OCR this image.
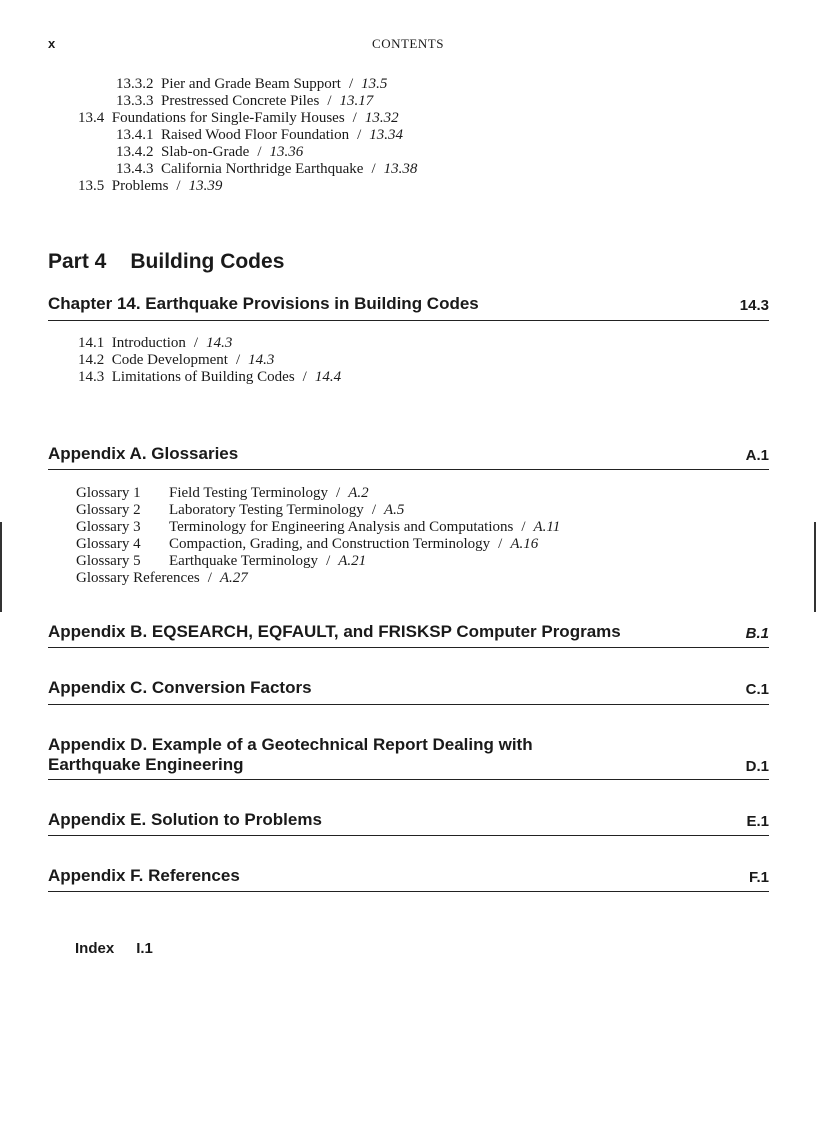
x	CONTENTS
13.3.2 Pier and Grade Beam Support / 13.5
13.3.3 Prestressed Concrete Piles / 13.17
13.4 Foundations for Single-Family Houses / 13.32
13.4.1 Raised Wood Floor Foundation / 13.34
13.4.2 Slab-on-Grade / 13.36
13.4.3 California Northridge Earthquake / 13.38
13.5 Problems / 13.39
Part 4 Building Codes
Chapter 14. Earthquake Provisions in Building Codes	14.3
14.1 Introduction / 14.3
14.2 Code Development / 14.3
14.3 Limitations of Building Codes / 14.4
Appendix A. Glossaries	A.1
Glossary 1 Field Testing Terminology / A.2
Glossary 2 Laboratory Testing Terminology / A.5
Glossary 3 Terminology for Engineering Analysis and Computations / A.11
Glossary 4 Compaction, Grading, and Construction Terminology / A.16
Glossary 5 Earthquake Terminology / A.21
Glossary References / A.27
Appendix B. EQSEARCH, EQFAULT, and FRISKSP Computer Programs	B.1
Appendix C. Conversion Factors	C.1
Appendix D. Example of a Geotechnical Report Dealing with
Earthquake Engineering	D.1
Appendix E. Solution to Problems	E.1
Appendix F. References	F.1
Index I.1
